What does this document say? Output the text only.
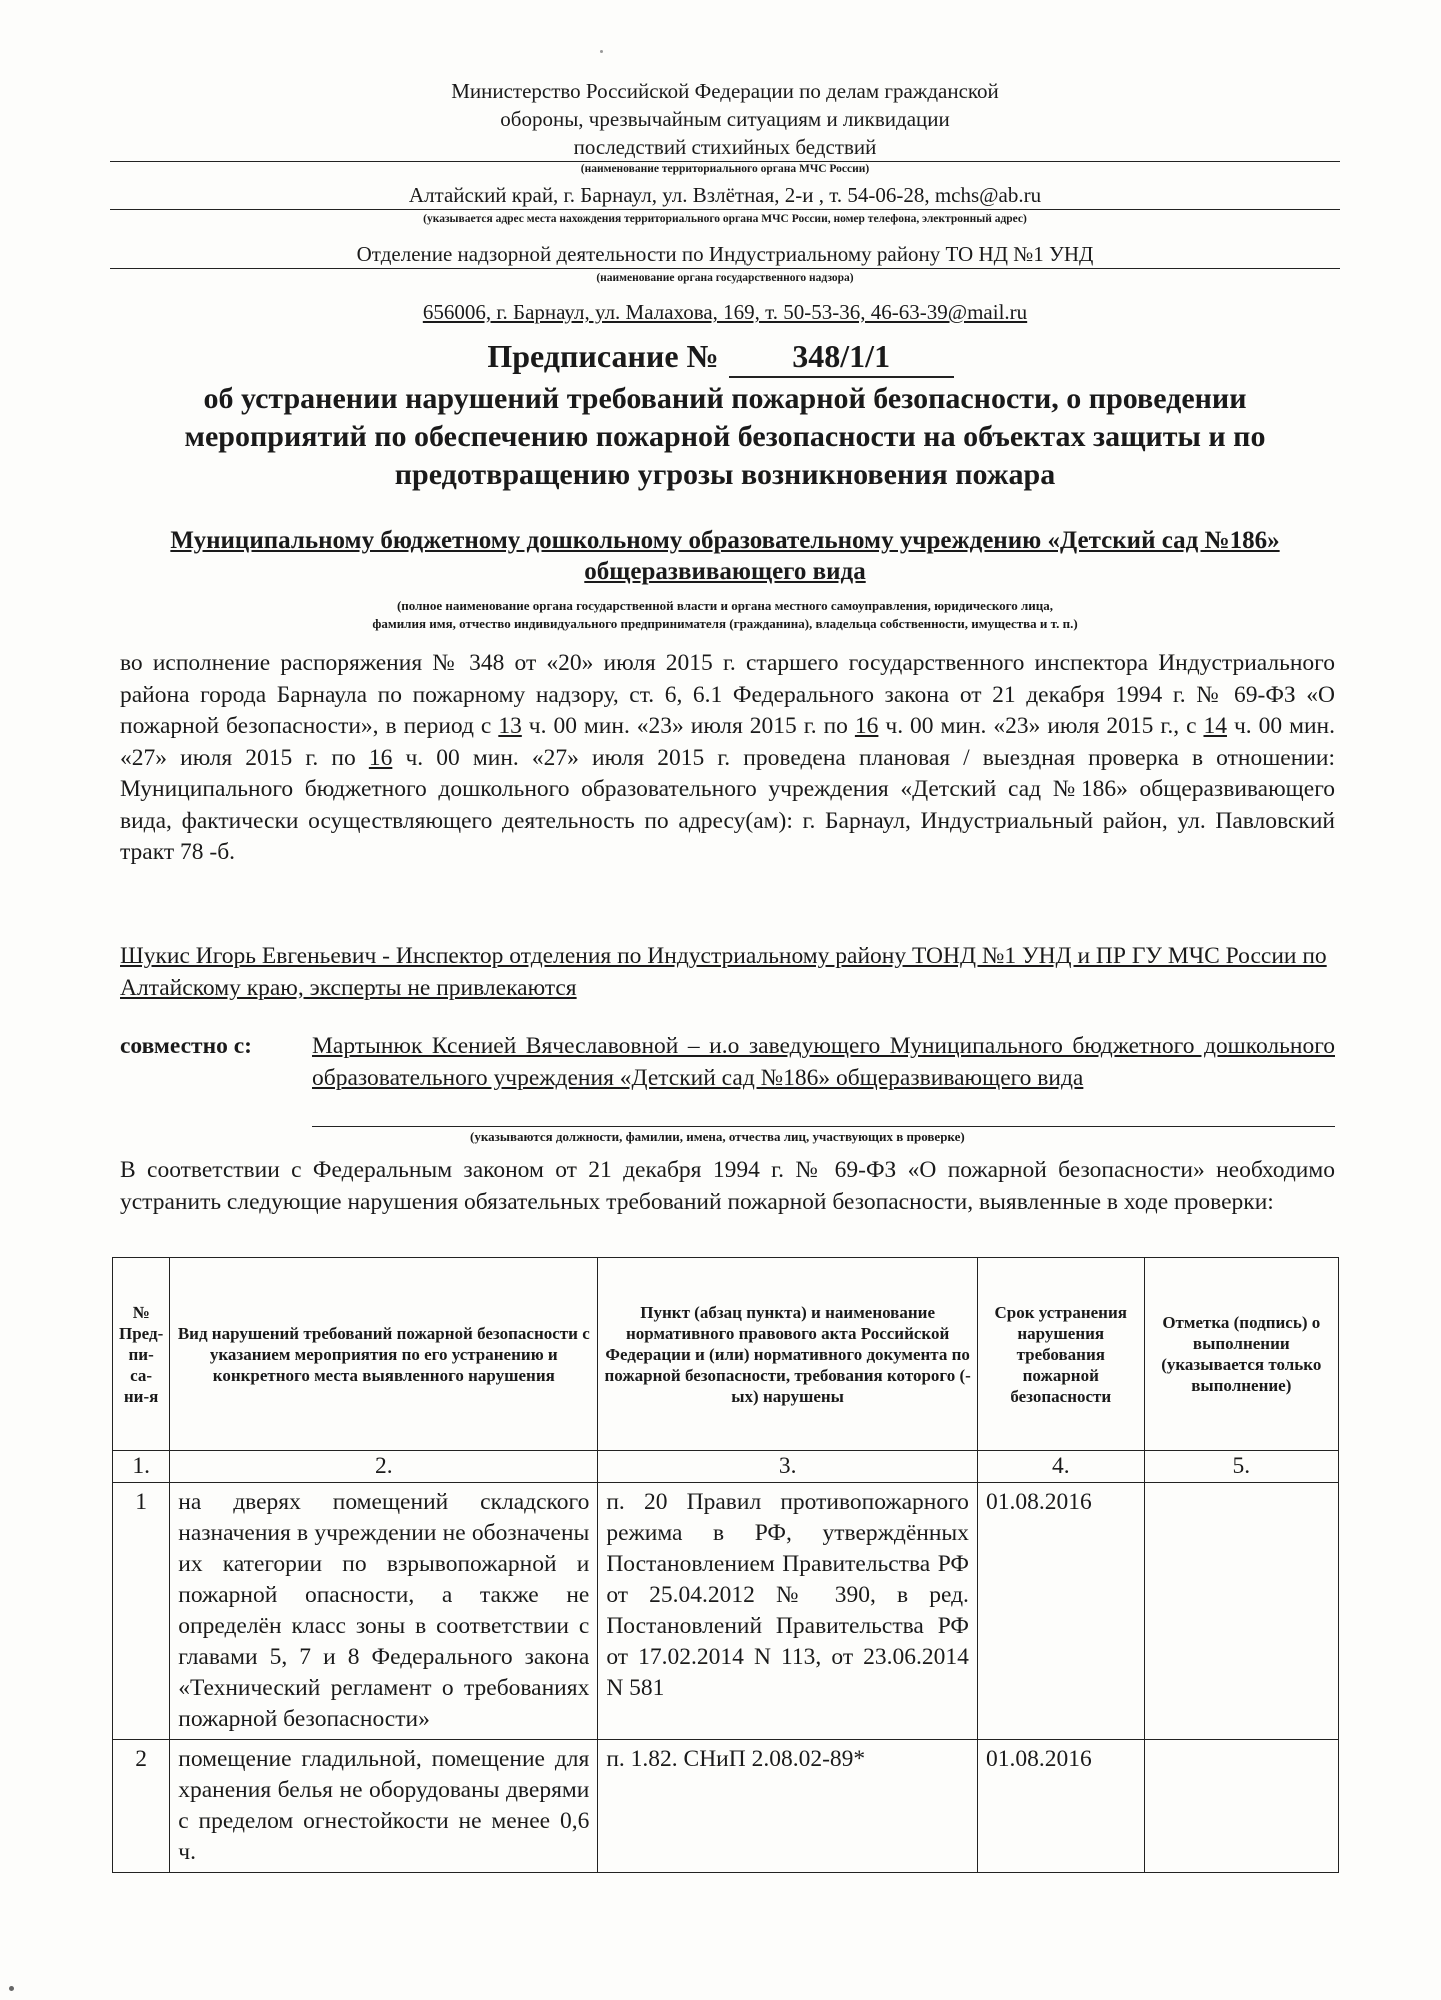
Министерство Российской Федерации по делам гражданской
обороны, чрезвычайным ситуациям и ликвидации
последствий стихийных бедствий
(наименование территориального органа МЧС России)
Алтайский край, г. Барнаул, ул. Взлётная, 2-и , т. 54-06-28, mchs@ab.ru
(указывается адрес места нахождения территориального органа МЧС России, номер телефона, электронный адрес)
Отделение надзорной деятельности по Индустриальному району ТО НД №1 УНД
(наименование органа государственного надзора)
656006, г. Барнаул, ул. Малахова, 169, т. 50-53-36, 46-63-39@mail.ru
Предписание № 348/1/1
об устранении нарушений требований пожарной безопасности, о проведении мероприятий по обеспечению пожарной безопасности на объектах защиты и по предотвращению угрозы возникновения пожара
Муниципальному бюджетному дошкольному образовательному учреждению «Детский сад №186» общеразвивающего вида
(полное наименование органа государственной власти и органа местного самоуправления, юридического лица,
фамилия имя, отчество индивидуального предпринимателя (гражданина), владельца собственности, имущества и т. п.)
во исполнение распоряжения № 348 от «20» июля 2015 г. старшего государственного инспектора Индустриального района города Барнаула по пожарному надзору, ст. 6, 6.1 Федерального закона от 21 декабря 1994 г. № 69-ФЗ «О пожарной безопасности», в период с 13 ч. 00 мин. «23» июля 2015 г. по 16 ч. 00 мин. «23» июля 2015 г., с 14 ч. 00 мин. «27» июля 2015 г. по 16 ч. 00 мин. «27» июля 2015 г. проведена плановая / выездная проверка в отношении: Муниципального бюджетного дошкольного образовательного учреждения «Детский сад №186» общеразвивающего вида, фактически осуществляющего деятельность по адресу(ам): г. Барнаул, Индустриальный район, ул. Павловский тракт 78 -б.
Шукис Игорь Евгеньевич - Инспектор отделения по Индустриальному району ТОНД №1 УНД и ПР ГУ МЧС России по Алтайскому краю, эксперты не привлекаются
совместно с:	Мартынюк Ксенией Вячеславовной – и.о заведующего Муниципального бюджетного дошкольного образовательного учреждения «Детский сад №186» общеразвивающего вида
(указываются должности, фамилии, имена, отчества лиц, участвующих в проверке)
В соответствии с Федеральным законом от 21 декабря 1994 г. № 69-ФЗ «О пожарной безопасности» необходимо устранить следующие нарушения обязательных требований пожарной безопасности, выявленные в ходе проверки:
№ Пред-пи-са-ни-я	Вид нарушений требований пожарной безопасности с указанием мероприятия по его устранению и конкретного места выявленного нарушения	Пункт (абзац пункта) и наименование нормативного правового акта Российской Федерации и (или) нормативного документа по пожарной безопасности, требования которого (-ых) нарушены	Срок устранения нарушения требования пожарной безопасности	Отметка (подпись) о выполнении (указывается только выполнение)
1.	2.	3.	4.	5.
1	на дверях помещений складского назначения в учреждении не обозначены их категории по взрывопожарной и пожарной опасности, а также не определён класс зоны в соответствии с главами 5, 7 и 8 Федерального закона «Технический регламент о требованиях пожарной безопасности»	п. 20 Правил противопожарного режима в РФ, утверждённых Постановлением Правительства РФ от 25.04.2012 № 390, в ред. Постановлений Правительства РФ от 17.02.2014 N 113, от 23.06.2014 N 581	01.08.2016	
2	помещение гладильной, помещение для хранения белья не оборудованы дверями с пределом огнестойкости не менее 0,6 ч.	п. 1.82. СНиП 2.08.02-89*	01.08.2016	
